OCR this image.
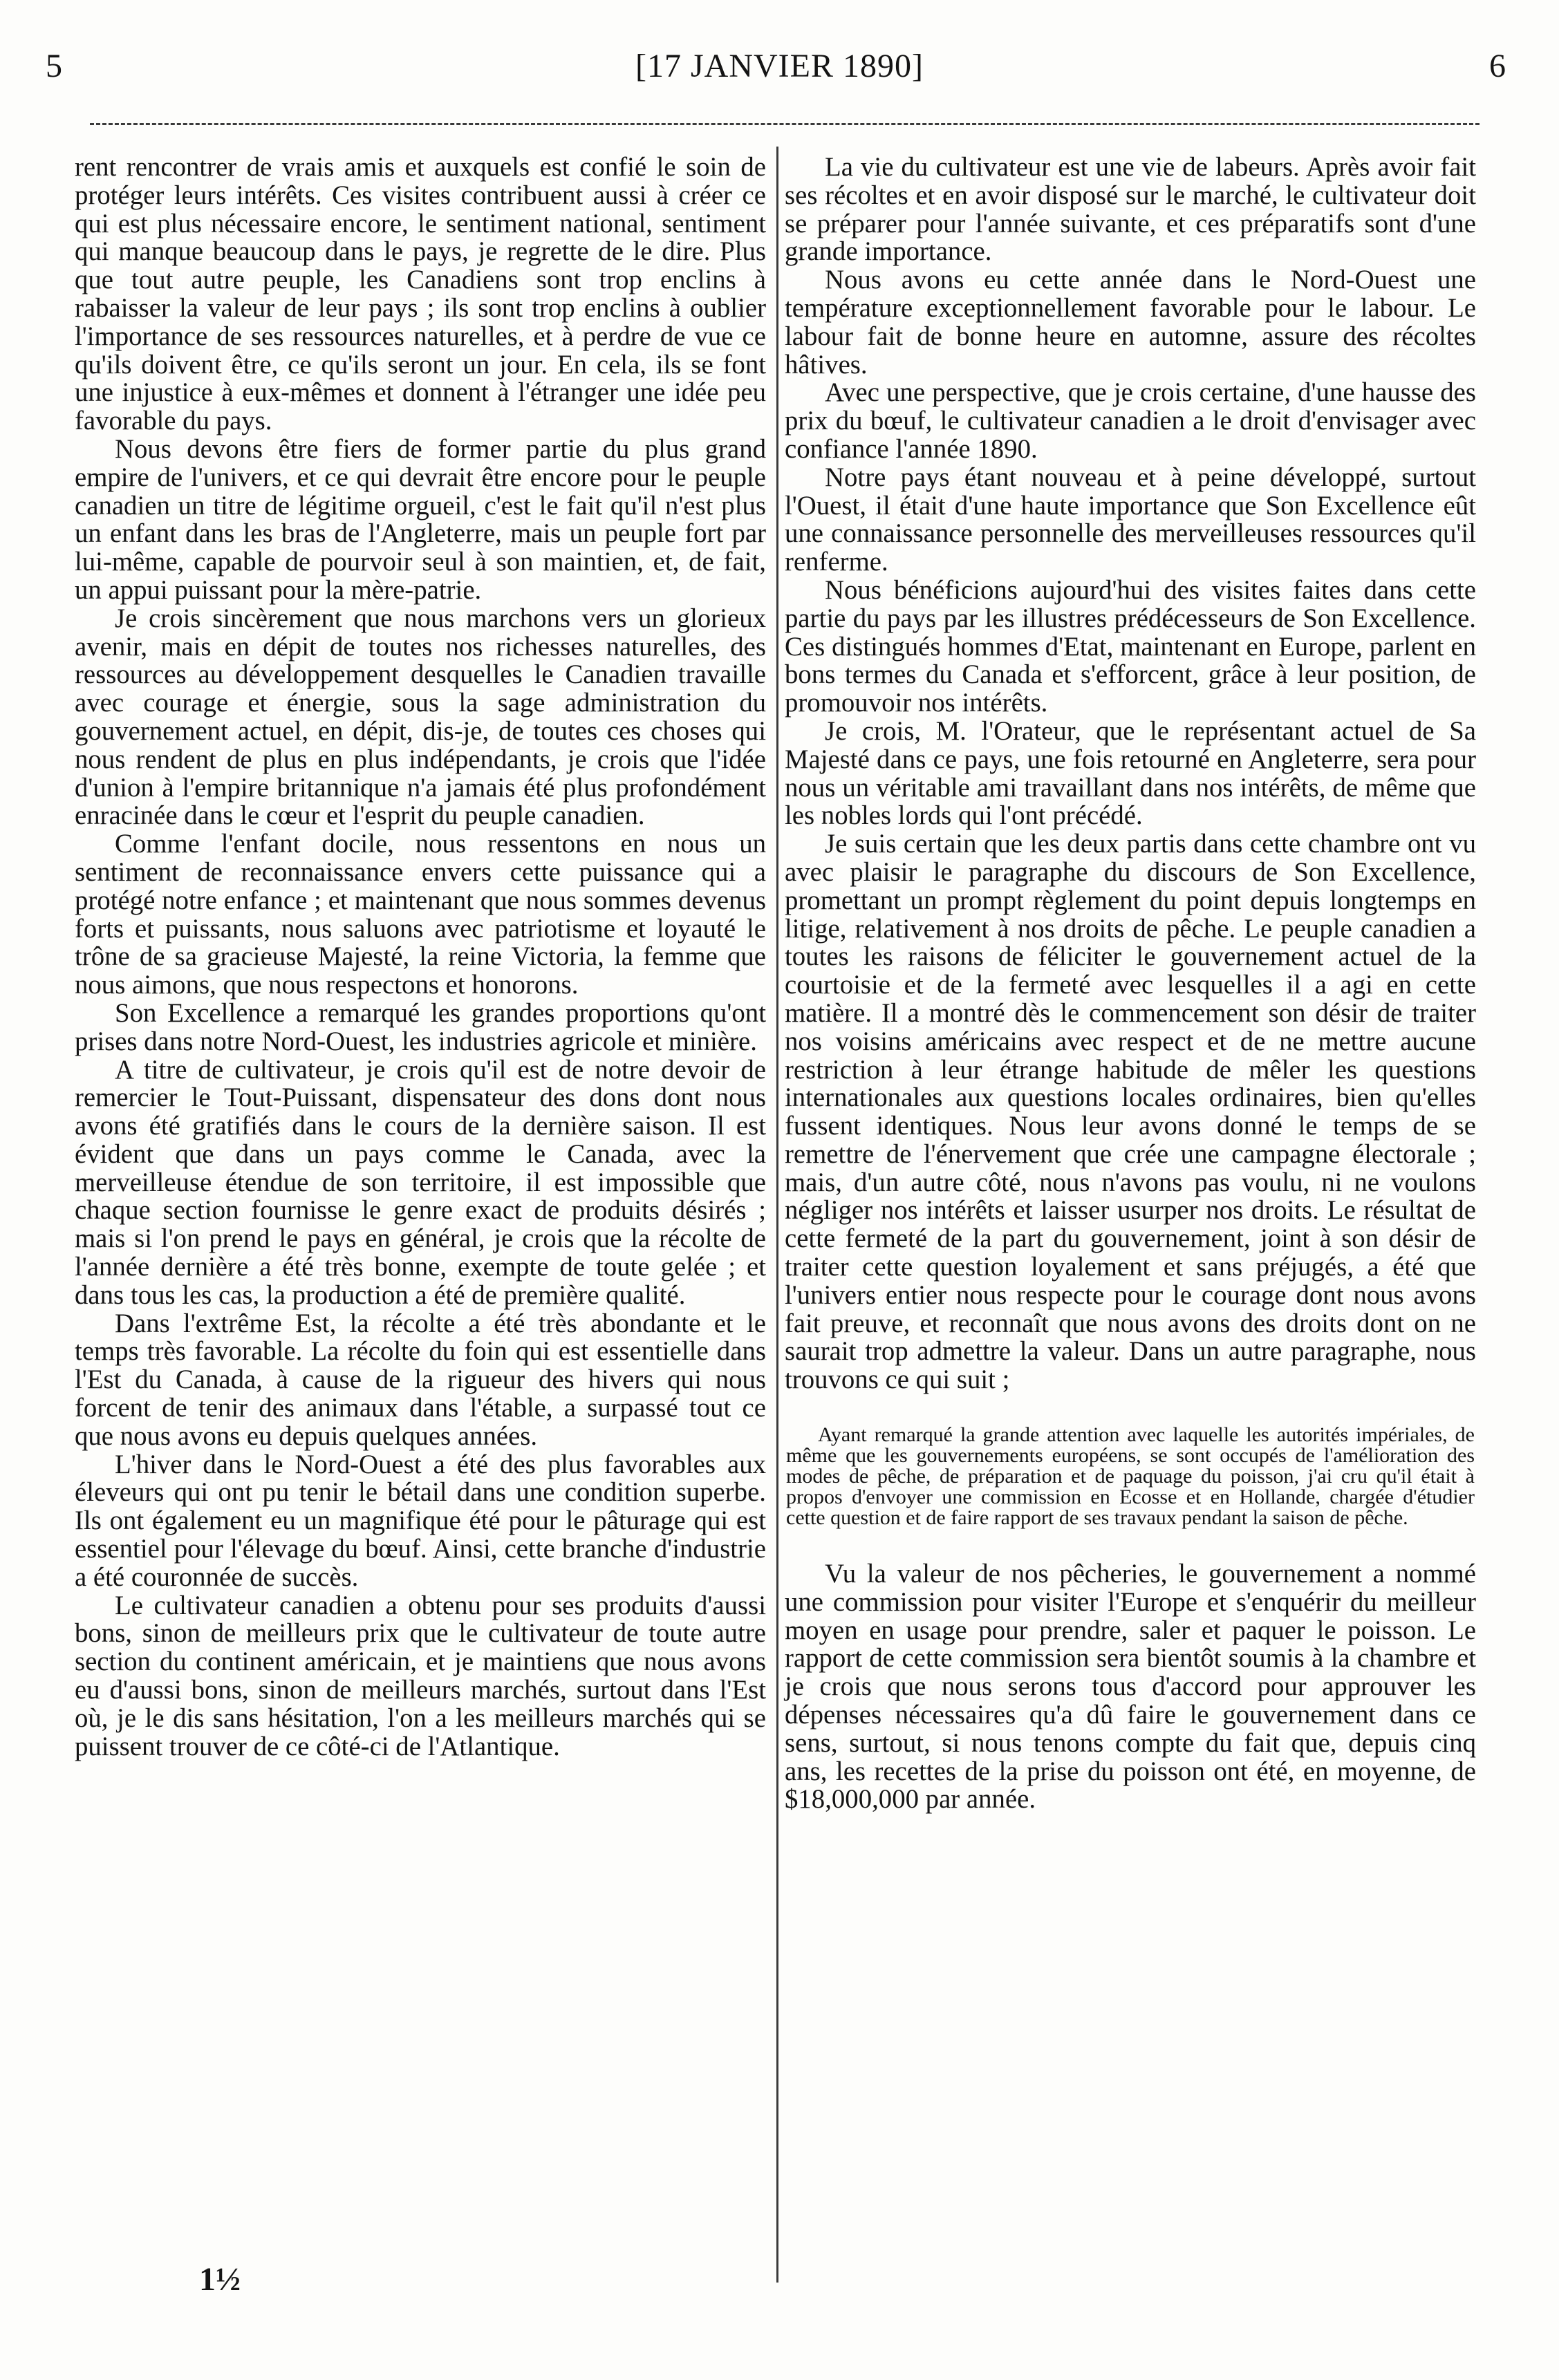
5	[17 JANVIER 1890]	6

rent rencontrer de vrais amis et auxquels est confié le soin de protéger leurs intérêts. Ces visites contribuent aussi à créer ce qui est plus nécessaire encore, le sentiment national, sentiment qui manque beaucoup dans le pays, je regrette de le dire. Plus que tout autre peuple, les Canadiens sont trop enclins à rabaisser la valeur de leur pays ; ils sont trop enclins à oublier l'importance de ses ressources naturelles, et à perdre de vue ce qu'ils doivent être, ce qu'ils seront un jour. En cela, ils se font une injustice à eux-mêmes et donnent à l'étranger une idée peu favorable du pays.

Nous devons être fiers de former partie du plus grand empire de l'univers, et ce qui devrait être encore pour le peuple canadien un titre de légitime orgueil, c'est le fait qu'il n'est plus un enfant dans les bras de l'Angleterre, mais un peuple fort par lui-même, capable de pourvoir seul à son maintien, et, de fait, un appui puissant pour la mère-patrie.

Je crois sincèrement que nous marchons vers un glorieux avenir, mais en dépit de toutes nos richesses naturelles, des ressources au développement desquelles le Canadien travaille avec courage et énergie, sous la sage administration du gouvernement actuel, en dépit, dis-je, de toutes ces choses qui nous rendent de plus en plus indépendants, je crois que l'idée d'union à l'empire britannique n'a jamais été plus profondément enracinée dans le cœur et l'esprit du peuple canadien.

Comme l'enfant docile, nous ressentons en nous un sentiment de reconnaissance envers cette puissance qui a protégé notre enfance ; et maintenant que nous sommes devenus forts et puissants, nous saluons avec patriotisme et loyauté le trône de sa gracieuse Majesté, la reine Victoria, la femme que nous aimons, que nous respectons et honorons.

Son Excellence a remarqué les grandes proportions qu'ont prises dans notre Nord-Ouest, les industries agricole et minière.

A titre de cultivateur, je crois qu'il est de notre devoir de remercier le Tout-Puissant, dispensateur des dons dont nous avons été gratifiés dans le cours de la dernière saison. Il est évident que dans un pays comme le Canada, avec la merveilleuse étendue de son territoire, il est impossible que chaque section fournisse le genre exact de produits désirés ; mais si l'on prend le pays en général, je crois que la récolte de l'année dernière a été très bonne, exempte de toute gelée ; et dans tous les cas, la production a été de première qualité.

Dans l'extrême Est, la récolte a été très abondante et le temps très favorable. La récolte du foin qui est essentielle dans l'Est du Canada, à cause de la rigueur des hivers qui nous forcent de tenir des animaux dans l'étable, a surpassé tout ce que nous avons eu depuis quelques années.

L'hiver dans le Nord-Ouest a été des plus favorables aux éleveurs qui ont pu tenir le bétail dans une condition superbe. Ils ont également eu un magnifique été pour le pâturage qui est essentiel pour l'élevage du bœuf. Ainsi, cette branche d'industrie a été couronnée de succès.

Le cultivateur canadien a obtenu pour ses produits d'aussi bons, sinon de meilleurs prix que le cultivateur de toute autre section du continent américain, et je maintiens que nous avons eu d'aussi bons, sinon de meilleurs marchés, surtout dans l'Est où, je le dis sans hésitation, l'on a les meilleurs marchés qui se puissent trouver de ce côté-ci de l'Atlantique.

La vie du cultivateur est une vie de labeurs. Après avoir fait ses récoltes et en avoir disposé sur le marché, le cultivateur doit se préparer pour l'année suivante, et ces préparatifs sont d'une grande importance.

Nous avons eu cette année dans le Nord-Ouest une température exceptionnellement favorable pour le labour. Le labour fait de bonne heure en automne, assure des récoltes hâtives.

Avec une perspective, que je crois certaine, d'une hausse des prix du bœuf, le cultivateur canadien a le droit d'envisager avec confiance l'année 1890.

Notre pays étant nouveau et à peine développé, surtout l'Ouest, il était d'une haute importance que Son Excellence eût une connaissance personnelle des merveilleuses ressources qu'il renferme.

Nous bénéficions aujourd'hui des visites faites dans cette partie du pays par les illustres prédécesseurs de Son Excellence. Ces distingués hommes d'Etat, maintenant en Europe, parlent en bons termes du Canada et s'efforcent, grâce à leur position, de promouvoir nos intérêts.

Je crois, M. l'Orateur, que le représentant actuel de Sa Majesté dans ce pays, une fois retourné en Angleterre, sera pour nous un véritable ami travaillant dans nos intérêts, de même que les nobles lords qui l'ont précédé.

Je suis certain que les deux partis dans cette chambre ont vu avec plaisir le paragraphe du discours de Son Excellence, promettant un prompt règlement du point depuis longtemps en litige, relativement à nos droits de pêche. Le peuple canadien a toutes les raisons de féliciter le gouvernement actuel de la courtoisie et de la fermeté avec lesquelles il a agi en cette matière. Il a montré dès le commencement son désir de traiter nos voisins américains avec respect et de ne mettre aucune restriction à leur étrange habitude de mêler les questions internationales aux questions locales ordinaires, bien qu'elles fussent identiques. Nous leur avons donné le temps de se remettre de l'énervement que crée une campagne électorale ; mais, d'un autre côté, nous n'avons pas voulu, ni ne voulons négliger nos intérêts et laisser usurper nos droits. Le résultat de cette fermeté de la part du gouvernement, joint à son désir de traiter cette question loyalement et sans préjugés, a été que l'univers entier nous respecte pour le courage dont nous avons fait preuve, et reconnaît que nous avons des droits dont on ne saurait trop admettre la valeur. Dans un autre paragraphe, nous trouvons ce qui suit ;

Ayant remarqué la grande attention avec laquelle les autorités impériales, de même que les gouvernements européens, se sont occupés de l'amélioration des modes de pêche, de préparation et de paquage du poisson, j'ai cru qu'il était à propos d'envoyer une commission en Ecosse et en Hollande, chargée d'étudier cette question et de faire rapport de ses travaux pendant la saison de pêche.

Vu la valeur de nos pêcheries, le gouvernement a nommé une commission pour visiter l'Europe et s'enquérir du meilleur moyen en usage pour prendre, saler et paquer le poisson. Le rapport de cette commission sera bientôt soumis à la chambre et je crois que nous serons tous d'accord pour approuver les dépenses nécessaires qu'a dû faire le gouvernement dans ce sens, surtout, si nous tenons compte du fait que, depuis cinq ans, les recettes de la prise du poisson ont été, en moyenne, de $18,000,000 par année.

1½
